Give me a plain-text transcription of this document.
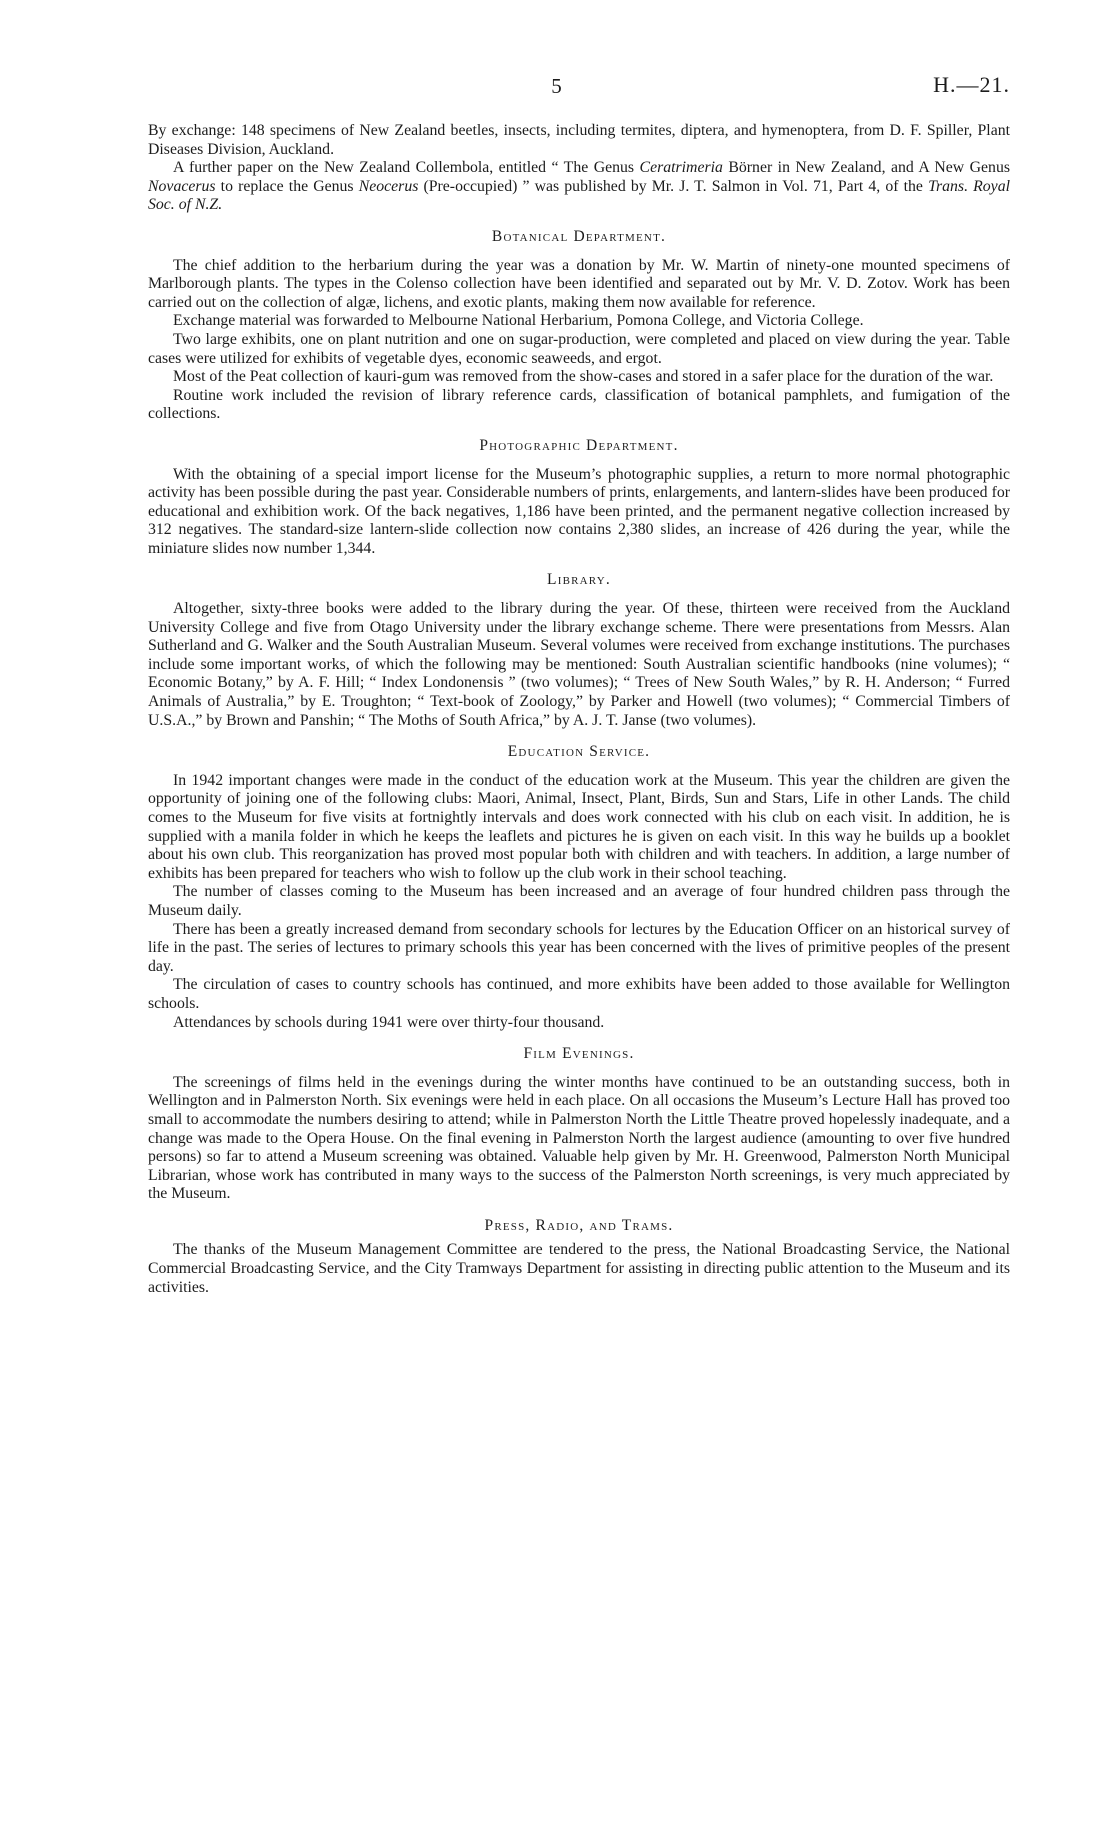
5	H.—21.

By exchange: 148 specimens of New Zealand beetles, insects, including termites, diptera, and hymenoptera, from D. F. Spiller, Plant Diseases Division, Auckland.

A further paper on the New Zealand Collembola, entitled “ The Genus Ceratrimeria Börner in New Zealand, and A New Genus Novacerus to replace the Genus Neocerus (Pre-occupied) ” was published by Mr. J. T. Salmon in Vol. 71, Part 4, of the Trans. Royal Soc. of N.Z.

Botanical Department.

The chief addition to the herbarium during the year was a donation by Mr. W. Martin of ninety-one mounted specimens of Marlborough plants. The types in the Colenso collection have been identified and separated out by Mr. V. D. Zotov. Work has been carried out on the collection of algæ, lichens, and exotic plants, making them now available for reference.

Exchange material was forwarded to Melbourne National Herbarium, Pomona College, and Victoria College.

Two large exhibits, one on plant nutrition and one on sugar-production, were completed and placed on view during the year. Table cases were utilized for exhibits of vegetable dyes, economic seaweeds, and ergot.

Most of the Peat collection of kauri-gum was removed from the show-cases and stored in a safer place for the duration of the war.

Routine work included the revision of library reference cards, classification of botanical pamphlets, and fumigation of the collections.

Photographic Department.

With the obtaining of a special import license for the Museum’s photographic supplies, a return to more normal photographic activity has been possible during the past year. Considerable numbers of prints, enlargements, and lantern-slides have been produced for educational and exhibition work. Of the back negatives, 1,186 have been printed, and the permanent negative collection increased by 312 negatives. The standard-size lantern-slide collection now contains 2,380 slides, an increase of 426 during the year, while the miniature slides now number 1,344.

Library.

Altogether, sixty-three books were added to the library during the year. Of these, thirteen were received from the Auckland University College and five from Otago University under the library exchange scheme. There were presentations from Messrs. Alan Sutherland and G. Walker and the South Australian Museum. Several volumes were received from exchange institutions. The purchases include some important works, of which the following may be mentioned: South Australian scientific handbooks (nine volumes); “ Economic Botany,” by A. F. Hill; “ Index Londonensis ” (two volumes); “ Trees of New South Wales,” by R. H. Anderson; “ Furred Animals of Australia,” by E. Troughton; “ Text-book of Zoology,” by Parker and Howell (two volumes); “ Commercial Timbers of U.S.A.,” by Brown and Panshin; “ The Moths of South Africa,” by A. J. T. Janse (two volumes).

Education Service.

In 1942 important changes were made in the conduct of the education work at the Museum. This year the children are given the opportunity of joining one of the following clubs: Maori, Animal, Insect, Plant, Birds, Sun and Stars, Life in other Lands. The child comes to the Museum for five visits at fortnightly intervals and does work connected with his club on each visit. In addition, he is supplied with a manila folder in which he keeps the leaflets and pictures he is given on each visit. In this way he builds up a booklet about his own club. This reorganization has proved most popular both with children and with teachers. In addition, a large number of exhibits has been prepared for teachers who wish to follow up the club work in their school teaching.

The number of classes coming to the Museum has been increased and an average of four hundred children pass through the Museum daily.

There has been a greatly increased demand from secondary schools for lectures by the Education Officer on an historical survey of life in the past. The series of lectures to primary schools this year has been concerned with the lives of primitive peoples of the present day.

The circulation of cases to country schools has continued, and more exhibits have been added to those available for Wellington schools.

Attendances by schools during 1941 were over thirty-four thousand.

Film Evenings.

The screenings of films held in the evenings during the winter months have continued to be an outstanding success, both in Wellington and in Palmerston North. Six evenings were held in each place. On all occasions the Museum’s Lecture Hall has proved too small to accommodate the numbers desiring to attend; while in Palmerston North the Little Theatre proved hopelessly inadequate, and a change was made to the Opera House. On the final evening in Palmerston North the largest audience (amounting to over five hundred persons) so far to attend a Museum screening was obtained. Valuable help given by Mr. H. Greenwood, Palmerston North Municipal Librarian, whose work has contributed in many ways to the success of the Palmerston North screenings, is very much appreciated by the Museum.

Press, Radio, and Trams.

The thanks of the Museum Management Committee are tendered to the press, the National Broadcasting Service, the National Commercial Broadcasting Service, and the City Tramways Department for assisting in directing public attention to the Museum and its activities.
